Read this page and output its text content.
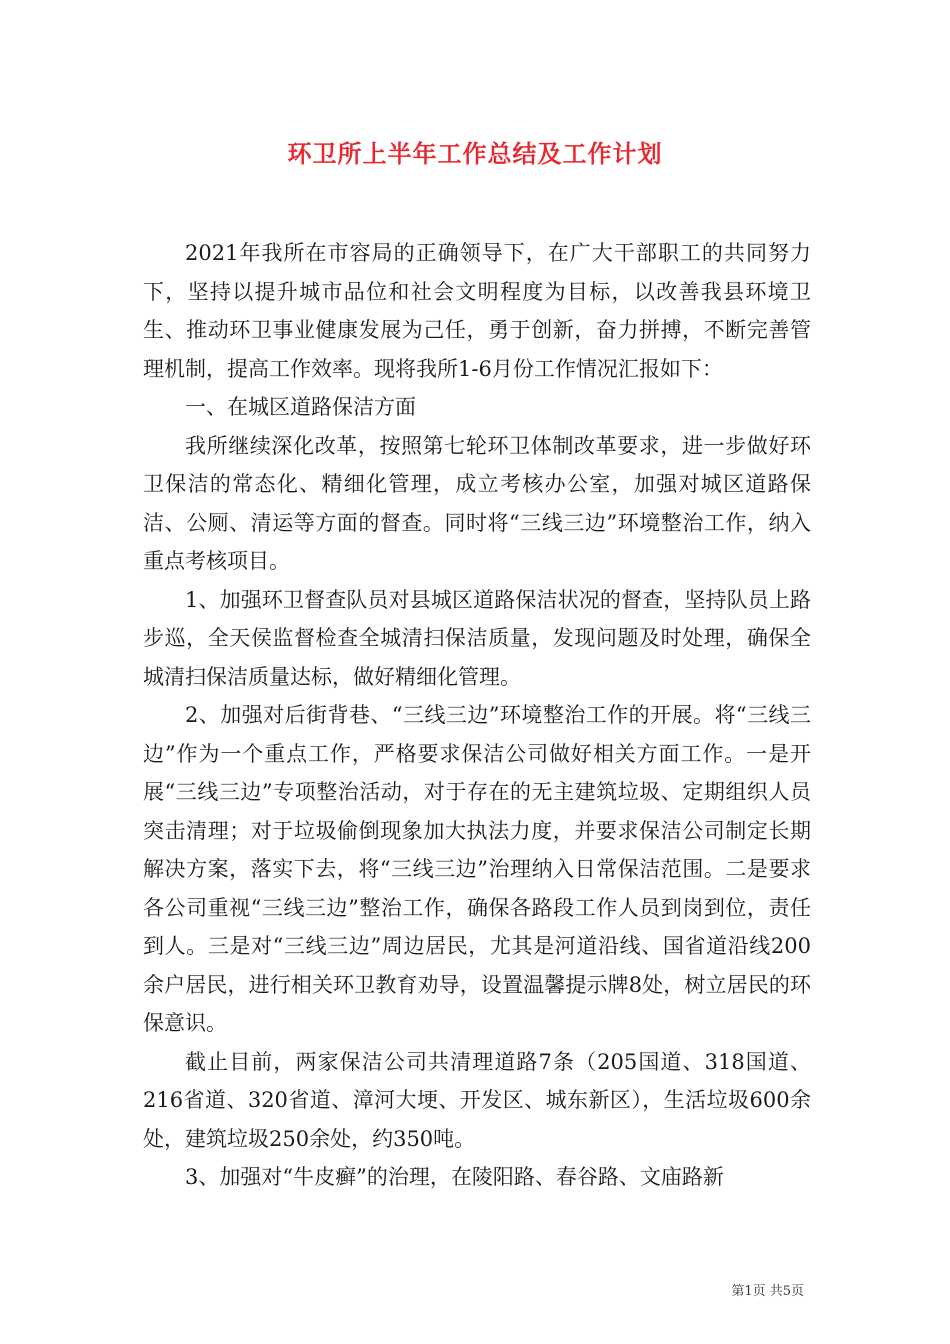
环卫所上半年工作总结及工作计划

2021年我所在市容局的正确领导下，在广大干部职工的共同努力下，坚持以提升城市品位和社会文明程度为目标，以改善我县环境卫生、推动环卫事业健康发展为己任，勇于创新，奋力拼搏，不断完善管理机制，提高工作效率。现将我所1-6月份工作情况汇报如下：

一、在城区道路保洁方面

我所继续深化改革，按照第七轮环卫体制改革要求，进一步做好环卫保洁的常态化、精细化管理，成立考核办公室，加强对城区道路保洁、公厕、清运等方面的督查。同时将“三线三边”环境整治工作，纳入重点考核项目。

1、加强环卫督查队员对县城区道路保洁状况的督查，坚持队员上路步巡，全天侯监督检查全城清扫保洁质量，发现问题及时处理，确保全城清扫保洁质量达标，做好精细化管理。

2、加强对后街背巷、“三线三边”环境整治工作的开展。将“三线三边”作为一个重点工作，严格要求保洁公司做好相关方面工作。一是开展“三线三边”专项整治活动，对于存在的无主建筑垃圾、定期组织人员突击清理；对于垃圾偷倒现象加大执法力度，并要求保洁公司制定长期解决方案，落实下去，将“三线三边”治理纳入日常保洁范围。二是要求各公司重视“三线三边”整治工作，确保各路段工作人员到岗到位，责任到人。三是对“三线三边”周边居民，尤其是河道沿线、国省道沿线200余户居民，进行相关环卫教育劝导，设置温馨提示牌8处，树立居民的环保意识。

截止目前，两家保洁公司共清理道路7条（205国道、318国道、216省道、320省道、漳河大埂、开发区、城东新区），生活垃圾600余处，建筑垃圾250余处，约350吨。

3、加强对“牛皮癣”的治理，在陵阳路、春谷路、文庙路新

第1页 共5页
